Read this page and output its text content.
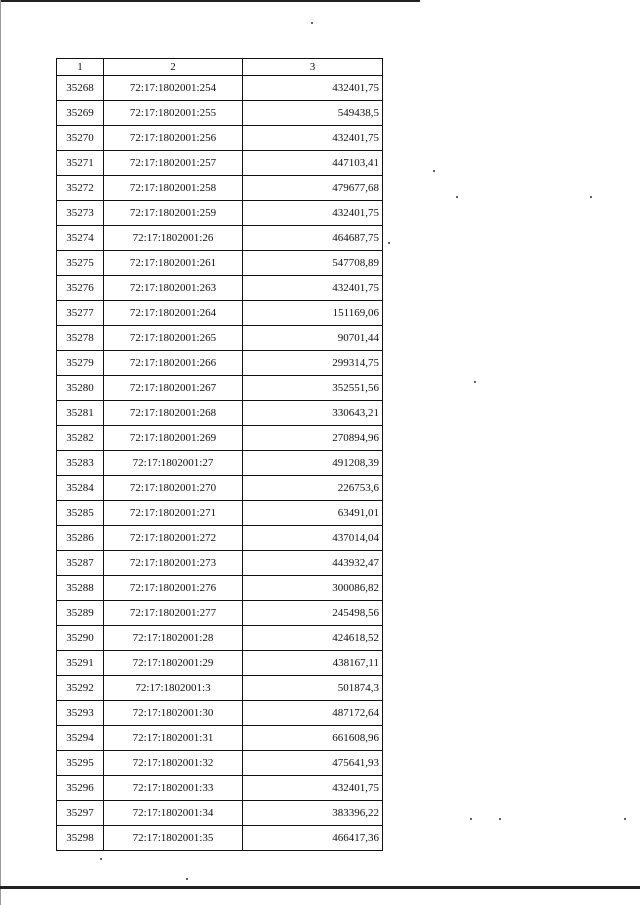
1	2	3
35268	72:17:1802001:254	432401,75
35269	72:17:1802001:255	549438,5
35270	72:17:1802001:256	432401,75
35271	72:17:1802001:257	447103,41
35272	72:17:1802001:258	479677,68
35273	72:17:1802001:259	432401,75
35274	72:17:1802001:26	464687,75
35275	72:17:1802001:261	547708,89
35276	72:17:1802001:263	432401,75
35277	72:17:1802001:264	151169,06
35278	72:17:1802001:265	90701,44
35279	72:17:1802001:266	299314,75
35280	72:17:1802001:267	352551,56
35281	72:17:1802001:268	330643,21
35282	72:17:1802001:269	270894,96
35283	72:17:1802001:27	491208,39
35284	72:17:1802001:270	226753,6
35285	72:17:1802001:271	63491,01
35286	72:17:1802001:272	437014,04
35287	72:17:1802001:273	443932,47
35288	72:17:1802001:276	300086,82
35289	72:17:1802001:277	245498,56
35290	72:17:1802001:28	424618,52
35291	72:17:1802001:29	438167,11
35292	72:17:1802001:3	501874,3
35293	72:17:1802001:30	487172,64
35294	72:17:1802001:31	661608,96
35295	72:17:1802001:32	475641,93
35296	72:17:1802001:33	432401,75
35297	72:17:1802001:34	383396,22
35298	72:17:1802001:35	466417,36
